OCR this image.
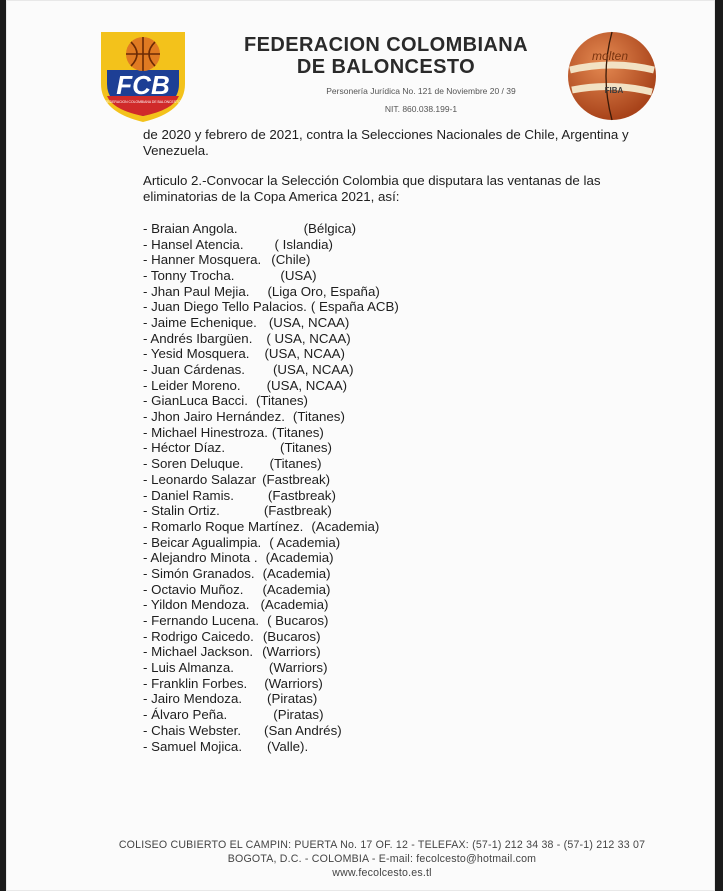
FCB
FEDERACION COLOMBIANA DE BALONCESTO

FEDERACION COLOMBIANA

DE BALONCESTO

Personería Jurídica No. 121 de Noviembre 20 / 39
NIT. 860.038.199-1
molten
FIBA

de 2020 y febrero de 2021, contra la Selecciones Nacionales de Chile, Argentina y Venezuela.

Articulo 2.-Convocar la Selección Colombia que disputara las ventanas de las eliminatorias de la Copa America 2021, así:

- Braian Angola.	(Bélgica)
- Hansel Atencia. ( Islandia)
- Hanner Mosquera. (Chile)
- Tonny Trocha.	(USA)
- Jhan Paul Mejia. (Liga Oro, España)
- Juan Diego Tello Palacios. ( España ACB)
- Jaime Echenique. (USA, NCAA)
- Andrés Ibargüen. ( USA, NCAA)
- Yesid Mosquera. (USA, NCAA)
- Juan Cárdenas. (USA, NCAA)
- Leider Moreno. (USA, NCAA)
- GianLuca Bacci. (Titanes)
- Jhon Jairo Hernández. (Titanes)
- Michael Hinestroza. (Titanes)
- Héctor Díaz.	(Titanes)
- Soren Deluque. (Titanes)
- Leonardo Salazar (Fastbreak)
- Daniel Ramis.	(Fastbreak)
- Stalin Ortiz.	(Fastbreak)
- Romarlo Roque Martínez. (Academia)
- Beicar Agualimpia. ( Academia)
- Alejandro Minota . (Academia)
- Simón Granados. (Academia)
- Octavio Muñoz. (Academia)
- Yildon Mendoza. (Academia)
- Fernando Lucena. ( Bucaros)
- Rodrigo Caicedo. (Bucaros)
- Michael Jackson. (Warriors)
- Luis Almanza.	(Warriors)
- Franklin Forbes. (Warriors)
- Jairo Mendoza. (Piratas)
- Álvaro Peña.	(Piratas)
- Chais Webster. (San Andrés)
- Samuel Mojica. (Valle).
COLISEO CUBIERTO EL CAMPIN: PUERTA No. 17 OF. 12 - TELEFAX: (57-1) 212 34 38 - (57-1) 212 33 07
BOGOTA, D.C. - COLOMBIA - E-mail: fecolcesto@hotmail.com
www.fecolcesto.es.tl
